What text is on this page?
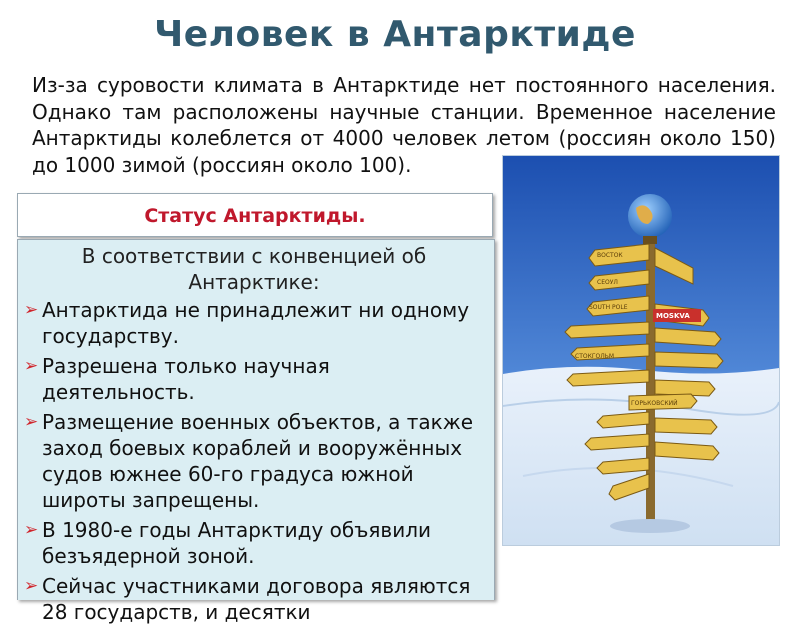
Человек в Антарктиде
Из-за суровости климата в Антарктиде нет постоянного населения. Однако там расположены научные станции. Временное население Антарктиды колеблется от 4000 человек летом (россиян около 150) до 1000 зимой (россиян около 100).
ВОСТОК
СЕОУЛ
SOUTH POLE
СТОКГОЛЬМ
ГОРЬКОВСКИЙ
MOSKVA
Статус Антарктиды.
В соответствии с конвенцией об Антарктике:
➢ Антарктида не принадлежит ни одному государству.
➢ Разрешена только научная деятельность.
➢ Размещение военных объектов, а также заход боевых кораблей и вооружённых судов южнее 60-го градуса южной широты запрещены.
➢ В 1980-е годы Антарктиду объявили безъядерной зоной.
➢ Сейчас участниками договора являются 28 государств, и десятки
